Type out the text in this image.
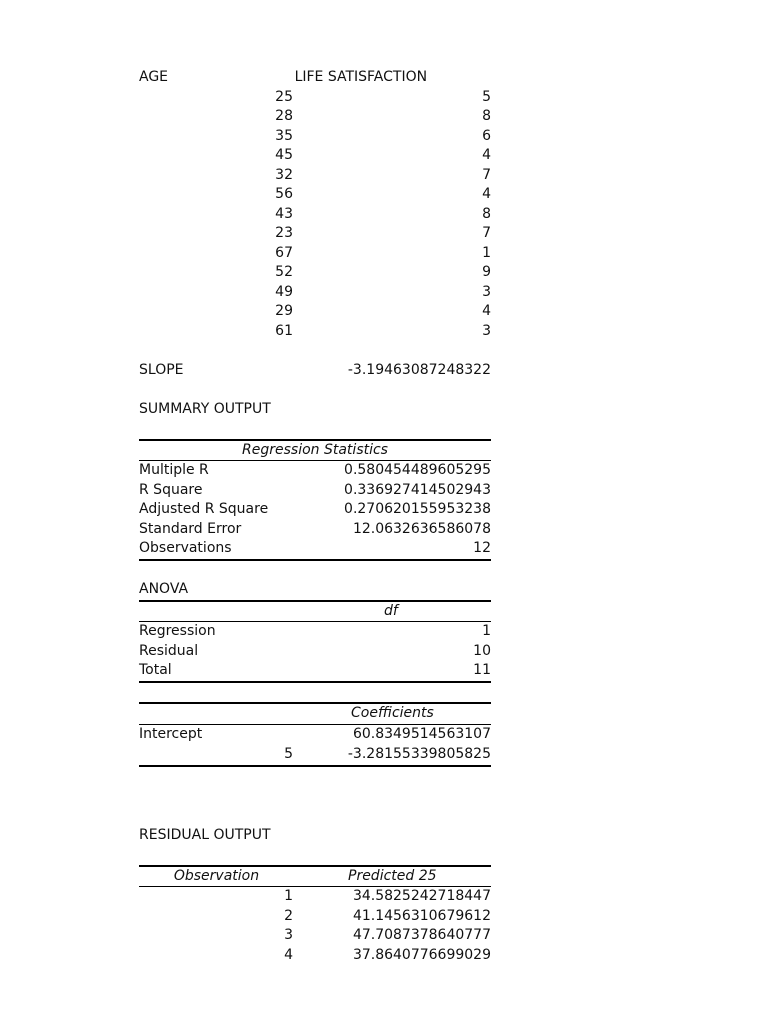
AGE	LIFE SATISFACTION
25	5
28	8
35	6
45	4
32	7
56	4
43	8
23	7
67	1
52	9
49	3
29	4
61	3
SLOPE	-3.19463087248322
SUMMARY OUTPUT
Regression Statistics
Multiple R	0.580454489605295
R Square	0.336927414502943
Adjusted R Square	0.270620155953238
Standard Error	12.0632636586078
Observations	12
ANOVA
df
Regression	1
Residual	10
Total	11
Coefficients
Intercept	60.8349514563107
5	-3.28155339805825
RESIDUAL OUTPUT
Observation	Predicted 25
1	34.5825242718447
2	41.1456310679612
3	47.7087378640777
4	37.8640776699029
